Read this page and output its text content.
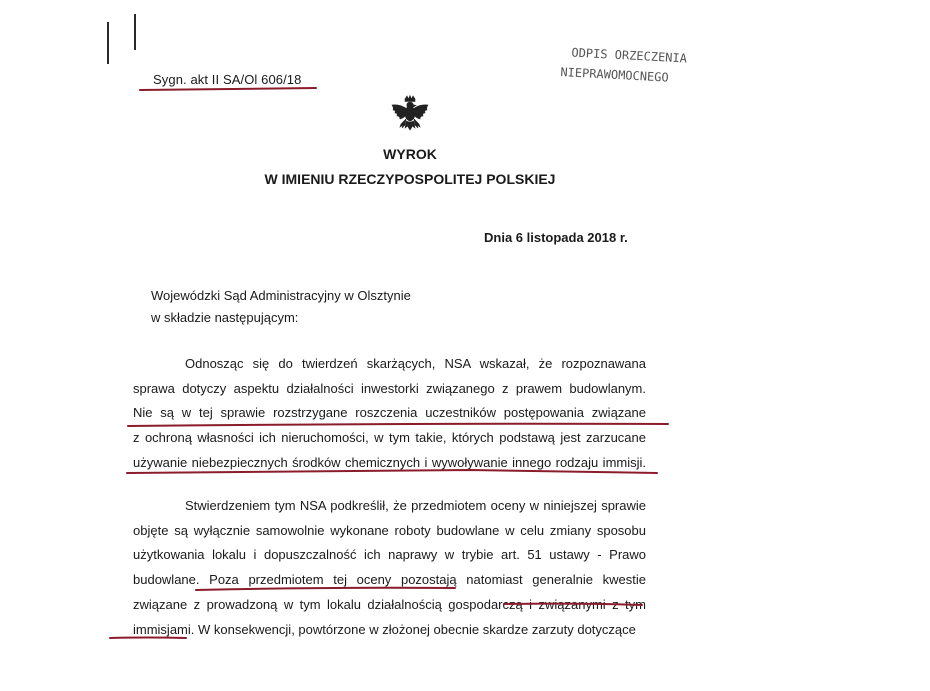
Sygn. akt II SA/Ol 606/18
ODPIS ORZECZENIA
NIEPRAWOMOCNEGO
WYROK
W IMIENIU RZECZYPOSPOLITEJ POLSKIEJ
Dnia 6 listopada 2018 r.
Wojewódzki Sąd Administracyjny w Olsztynie
w składzie następującym:
Odnosząc się do twierdzeń skarżących, NSA wskazał, że rozpoznawana
sprawa dotyczy aspektu działalności inwestorki związanego z prawem budowlanym.
Nie są w tej sprawie rozstrzygane roszczenia uczestników postępowania związane
z ochroną własności ich nieruchomości, w tym takie, których podstawą jest zarzucane
używanie niebezpiecznych środków chemicznych i wywoływanie innego rodzaju immisji.
Stwierdzeniem tym NSA podkreślił, że przedmiotem oceny w niniejszej sprawie
objęte są wyłącznie samowolnie wykonane roboty budowlane w celu zmiany sposobu
użytkowania lokalu i dopuszczalność ich naprawy w trybie art. 51 ustawy - Prawo
budowlane. Poza przedmiotem tej oceny pozostają natomiast generalnie kwestie
związane z prowadzoną w tym lokalu działalnością gospodarczą i związanymi z tym
immisjami. W konsekwencji, powtórzone w złożonej obecnie skardze zarzuty dotyczące
